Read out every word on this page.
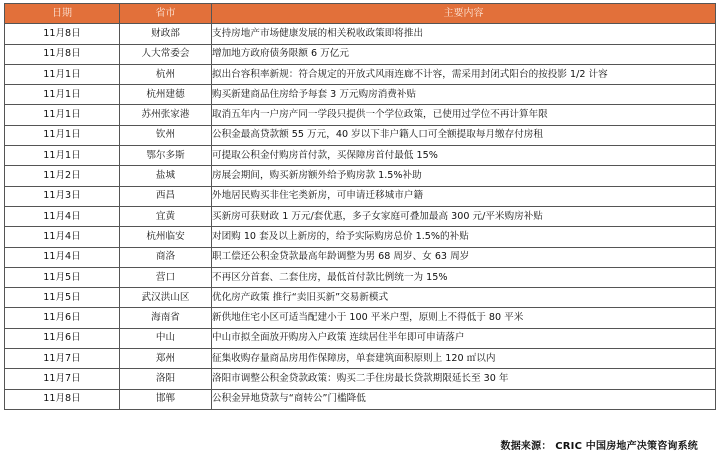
日期	省市	主要内容
11月8日	财政部	支持房地产市场健康发展的相关税收政策即将推出
11月8日	人大常委会	增加地方政府债务限额 6 万亿元
11月1日	杭州	拟出台容积率新规：符合规定的开放式风雨连廊不计容，需采用封闭式阳台的按投影 1/2 计容
11月1日	杭州建德	购买新建商品住房给予每套 3 万元购房消费补贴
11月1日	苏州张家港	取消五年内一户房产同一学段只提供一个学位政策，已使用过学位不再计算年限
11月1日	钦州	公积金最高贷款额 55 万元，40 岁以下非户籍人口可全额提取每月缴存付房租
11月1日	鄂尔多斯	可提取公积金付购房首付款，买保障房首付最低 15%
11月2日	盐城	房展会期间，购买新房额外给予购房款 1.5%补助
11月3日	西昌	外地居民购买非住宅类新房，可申请迁移城市户籍
11月4日	宜黄	买新房可获财政 1 万元/套优惠，多子女家庭可叠加最高 300 元/平米购房补贴
11月4日	杭州临安	对团购 10 套及以上新房的，给予实际购房总价 1.5%的补贴
11月4日	商洛	职工偿还公积金贷款最高年龄调整为男 68 周岁、女 63 周岁
11月5日	营口	不再区分首套、二套住房，最低首付款比例统一为 15%
11月5日	武汉洪山区	优化房产政策 推行“卖旧买新”交易新模式
11月6日	海南省	新供地住宅小区可适当配建小于 100 平米户型，原则上不得低于 80 平米
11月6日	中山	中山市拟全面放开购房入户政策 连续居住半年即可申请落户
11月7日	郑州	征集收购存量商品房用作保障房，单套建筑面积原则上 120 ㎡以内
11月7日	洛阳	洛阳市调整公积金贷款政策：购买二手住房最长贷款期限延长至 30 年
11月8日	邯郸	公积金异地贷款与“商转公”门槛降低
数据来源： CRIC 中国房地产决策咨询系统
